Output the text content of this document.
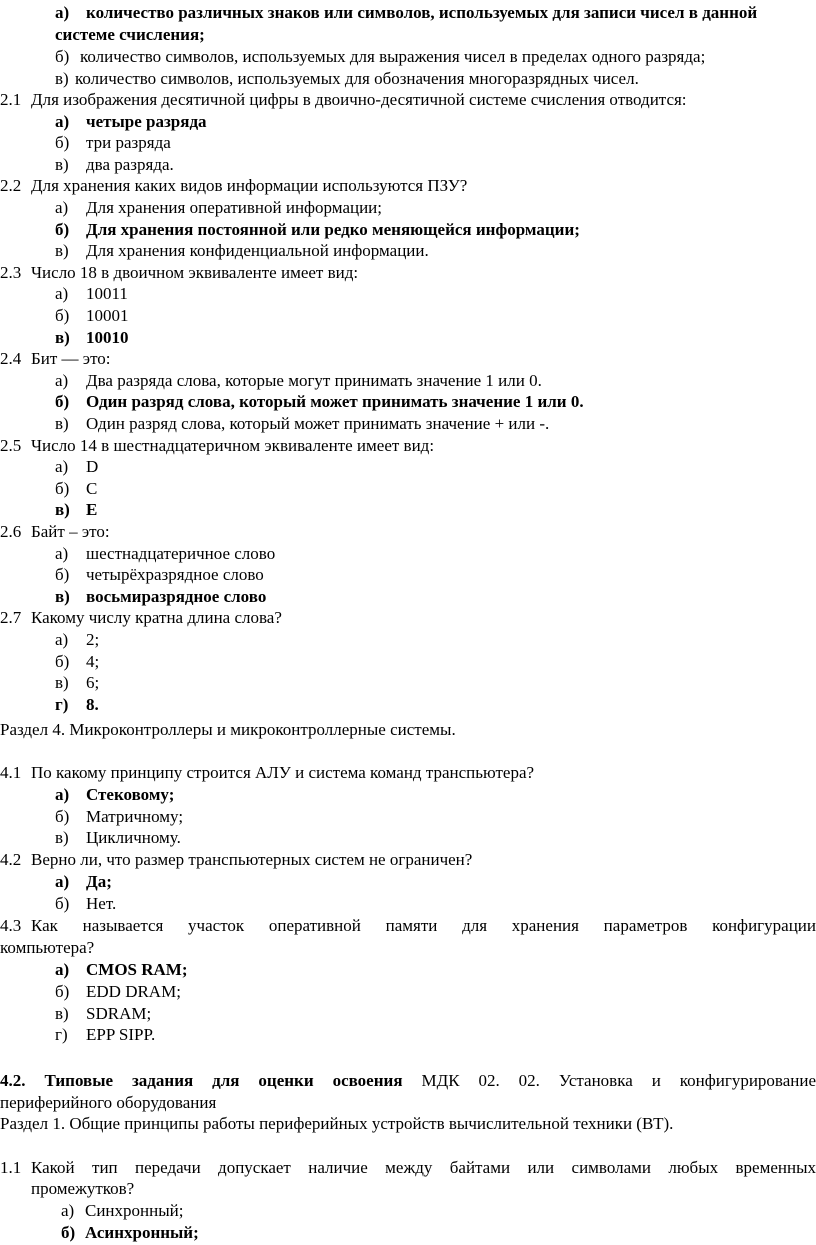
а) количество различных знаков или символов, используемых для записи чисел в данной
системе счисления;
б) количество символов, используемых для выражения чисел в пределах одного разряда;
в) количество символов, используемых для обозначения многоразрядных чисел.
2.1 Для изображения десятичной цифры в двоично-десятичной системе счисления отводится:
а) четыре разряда
б) три разряда
в) два разряда.
2.2 Для хранения каких видов информации используются ПЗУ?
а) Для хранения оперативной информации;
б) Для хранения постоянной или редко меняющейся информации;
в) Для хранения конфиденциальной информации.
2.3 Число 18 в двоичном эквиваленте имеет вид:
а) 10011
б) 10001
в) 10010
2.4 Бит — это:
а) Два разряда слова, которые могут принимать значение 1 или 0.
б) Один разряд слова, который может принимать значение 1 или 0.
в) Один разряд слова, который может принимать значение + или -.
2.5 Число 14 в шестнадцатеричном эквиваленте имеет вид:
а) D
б) C
в) E
2.6 Байт – это:
а) шестнадцатеричное слово
б) четырёхразрядное слово
в) восьмиразрядное слово
2.7 Какому числу кратна длина слова?
а) 2;
б) 4;
в) 6;
г) 8.
Раздел 4. Микроконтроллеры и микроконтроллерные системы.
4.1 По какому принципу строится АЛУ и система команд транспьютера?
а) Стековому;
б) Матричному;
в) Цикличному.
4.2 Верно ли, что размер транспьютерных систем не ограничен?
а) Да;
б) Нет.
4.3 Как называется участок оперативной памяти для хранения параметров конфигурации
компьютера?
а) CMOS RAM;
б) EDD DRAM;
в) SDRAM;
г) EPP SIPP.
4.2. Типовые задания для оценки освоения МДК 02. 02. Установка и конфигурирование
периферийного оборудования
Раздел 1. Общие принципы работы периферийных устройств вычислительной техники (ВТ).
1.1 Какой тип передачи допускает наличие между байтами или символами любых временных
промежутков?
а) Синхронный;
б) Асинхронный;
